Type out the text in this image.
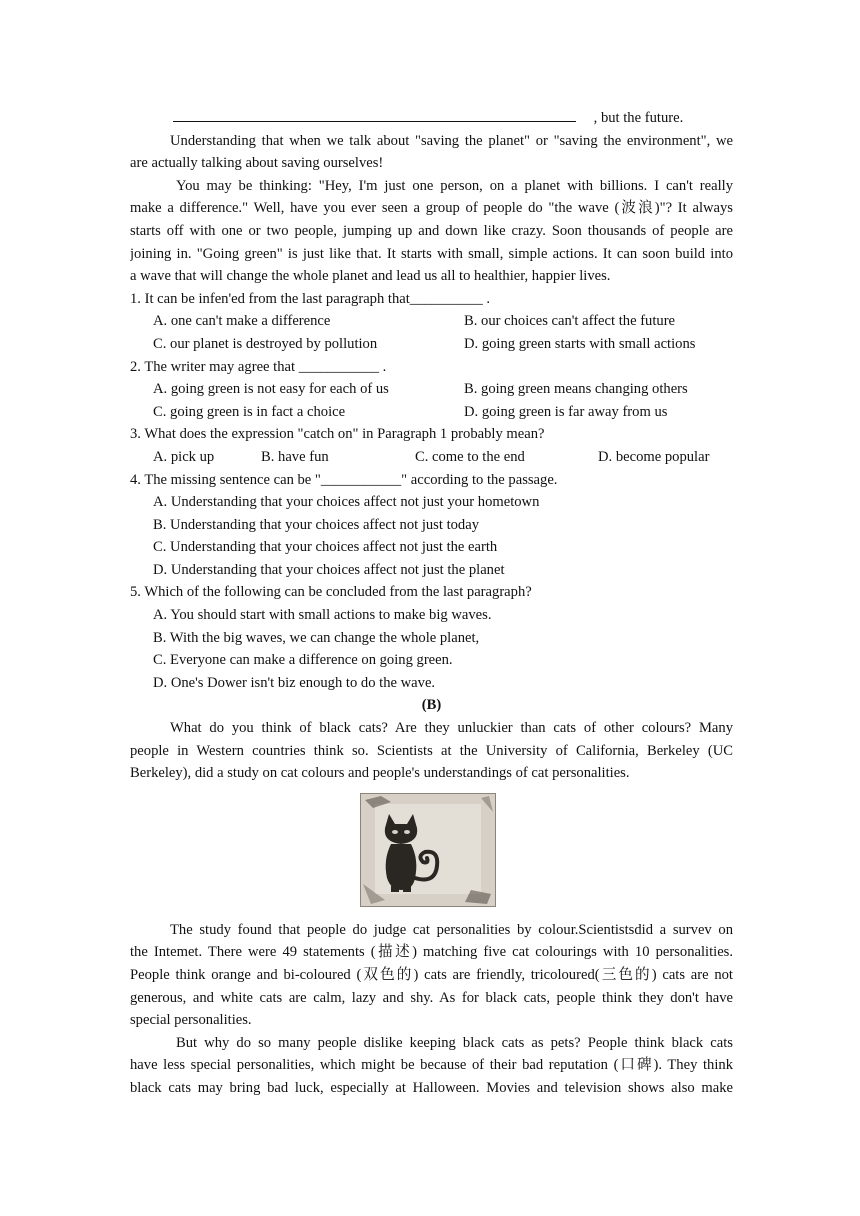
, but the future.
Understanding that when we talk about "saving the planet" or "saving the environment", we
are actually talking about saving ourselves!
You may be thinking: "Hey, I'm just one person, on a planet with billions. I can't really
make a difference." Well, have you ever seen a group of people do "the wave (波浪)"? It always
starts off with one or two people, jumping up and down like crazy. Soon thousands of people are
joining in. "Going green" is just like that. It starts with small, simple actions. It can soon build into
a wave that will change the whole planet and lead us all to healthier, happier lives.
1. It can be infen'ed from the last paragraph that__________ .
A. one can't make a difference	B. our choices can't affect the future
C. our planet is destroyed by pollution	D. going green starts with small actions
2. The writer may agree that ___________ .
A. going green is not easy for each of us	B. going green means changing others
C. going green is in fact a choice	D. going green is far away from us
3. What does the expression "catch on" in Paragraph 1 probably mean?
A. pick up	B. have fun	C. come to the end	D. become popular
4. The missing sentence can be "___________" according to the passage.
A. Understanding that your choices affect not just your hometown
B. Understanding that your choices affect not just today
C. Understanding that your choices affect not just the earth
D. Understanding that your choices affect not just the planet
5. Which of the following can be concluded from the last paragraph?
A. You should start with small actions to make big waves.
B. With the big waves, we can change the whole planet,
C. Everyone can make a difference on going green.
D. One's Dower isn't biz enough to do the wave.
(B)
What do you think of black cats? Are they unluckier than cats of other colours? Many
people in Western countries think so. Scientists at the University of California, Berkeley (UC
Berkeley), did a study on cat colours and people's understandings of cat personalities.
The study found that people do judge cat personalities by colour.Scientistsdid a survev on
the Intemet. There were 49 statements (描述) matching five cat colourings with 10 personalities.
People think orange and bi-coloured (双色的) cats are friendly, tricoloured(三色的) cats are not
generous, and white cats are calm, lazy and shy. As for black cats, people think they don't have
special personalities.
But why do so many people dislike keeping black cats as pets? People think black cats
have less special personalities, which might be because of their bad reputation (口碑). They think
black cats may bring bad luck, especially at Halloween. Movies and television shows also make
